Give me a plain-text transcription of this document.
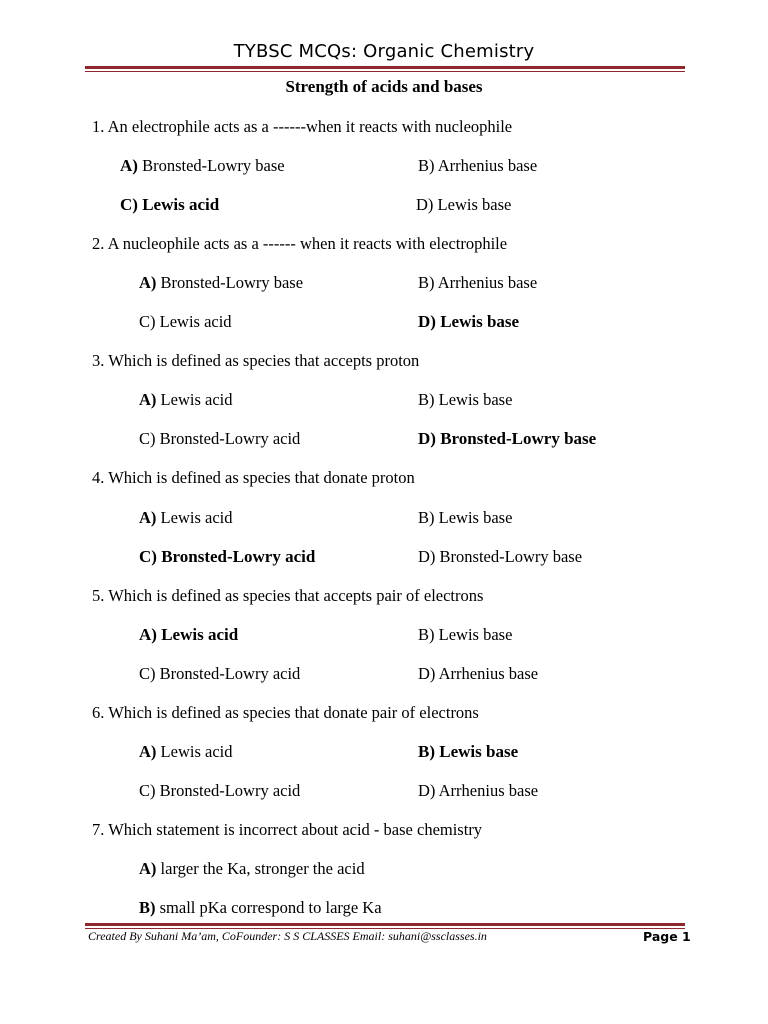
TYBSC MCQs: Organic Chemistry
Strength of acids and bases
1. An electrophile acts as a ------when it reacts with nucleophile
A) Bronsted-Lowry base	B) Arrhenius base
C) Lewis acid	D) Lewis base
2. A nucleophile acts as a ------ when it reacts with electrophile
A) Bronsted-Lowry base	B) Arrhenius base
C) Lewis acid	D) Lewis base
3. Which is defined as species that accepts proton
A) Lewis acid	B) Lewis base
C) Bronsted-Lowry acid	D) Bronsted-Lowry base
4. Which is defined as species that donate proton
A) Lewis acid	B) Lewis base
C) Bronsted-Lowry acid	D) Bronsted-Lowry base
5. Which is defined as species that accepts pair of electrons
A) Lewis acid	B) Lewis base
C) Bronsted-Lowry acid	D) Arrhenius base
6. Which is defined as species that donate pair of electrons
A) Lewis acid	B) Lewis base
C) Bronsted-Lowry acid	D) Arrhenius base
7. Which statement is incorrect about acid - base chemistry
A) larger the Ka, stronger the acid
B) small pKa correspond to large Ka
Created By Suhani Ma’am, CoFounder: S S CLASSES Email: suhani@ssclasses.in	Page 1
